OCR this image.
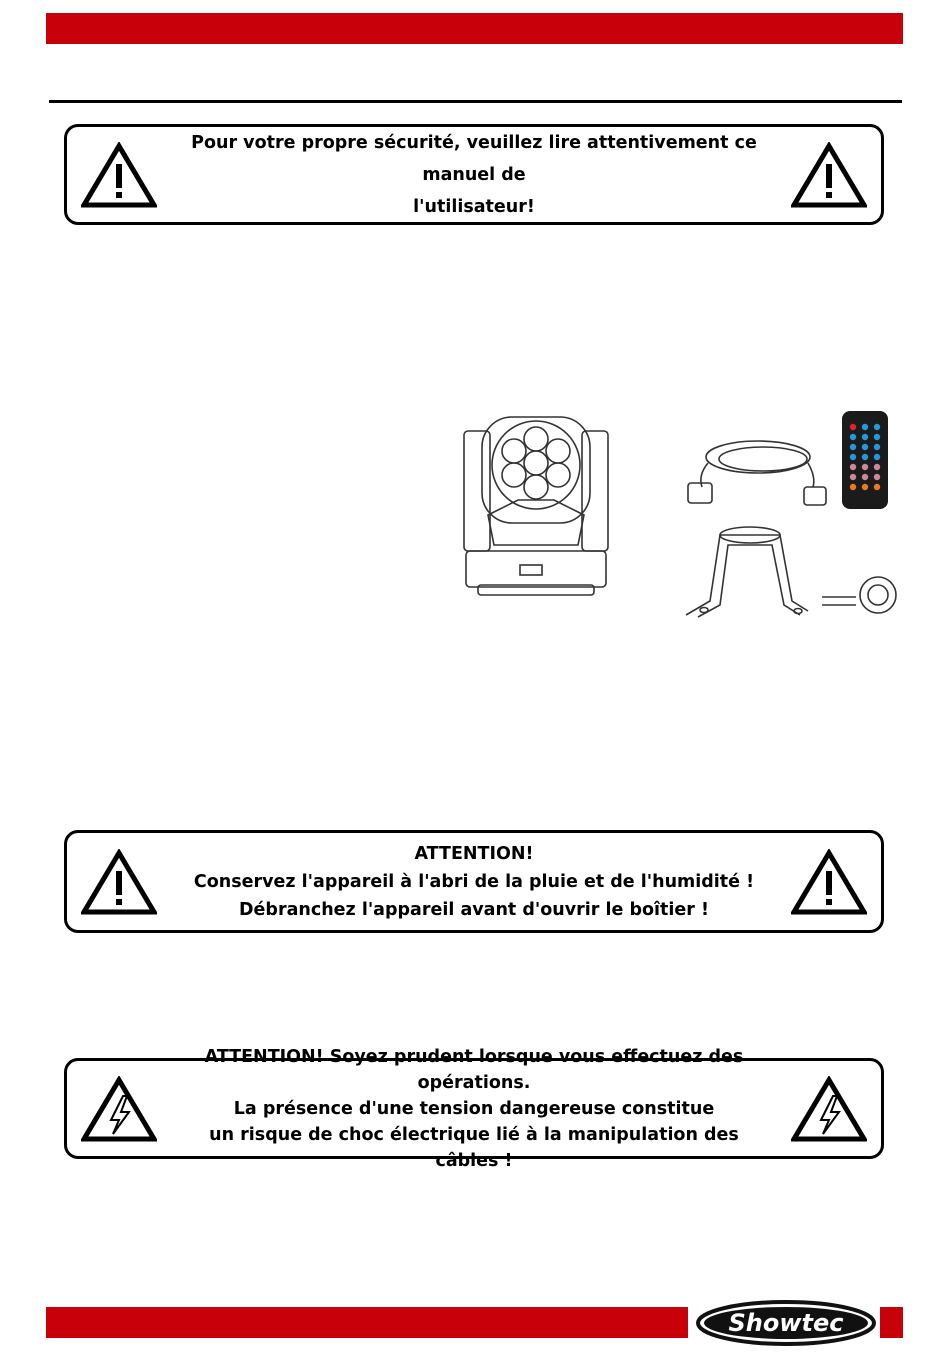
Pour votre propre sécurité, veuillez lire attentivement ce manuel de
l'utilisateur!
ATTENTION!
Conservez l'appareil à l'abri de la pluie et de l'humidité !
Débranchez l'appareil avant d'ouvrir le boîtier !
ATTENTION! Soyez prudent lorsque vous effectuez des opérations.
La présence d'une tension dangereuse constitue
un risque de choc électrique lié à la manipulation des câbles !
Showtec
